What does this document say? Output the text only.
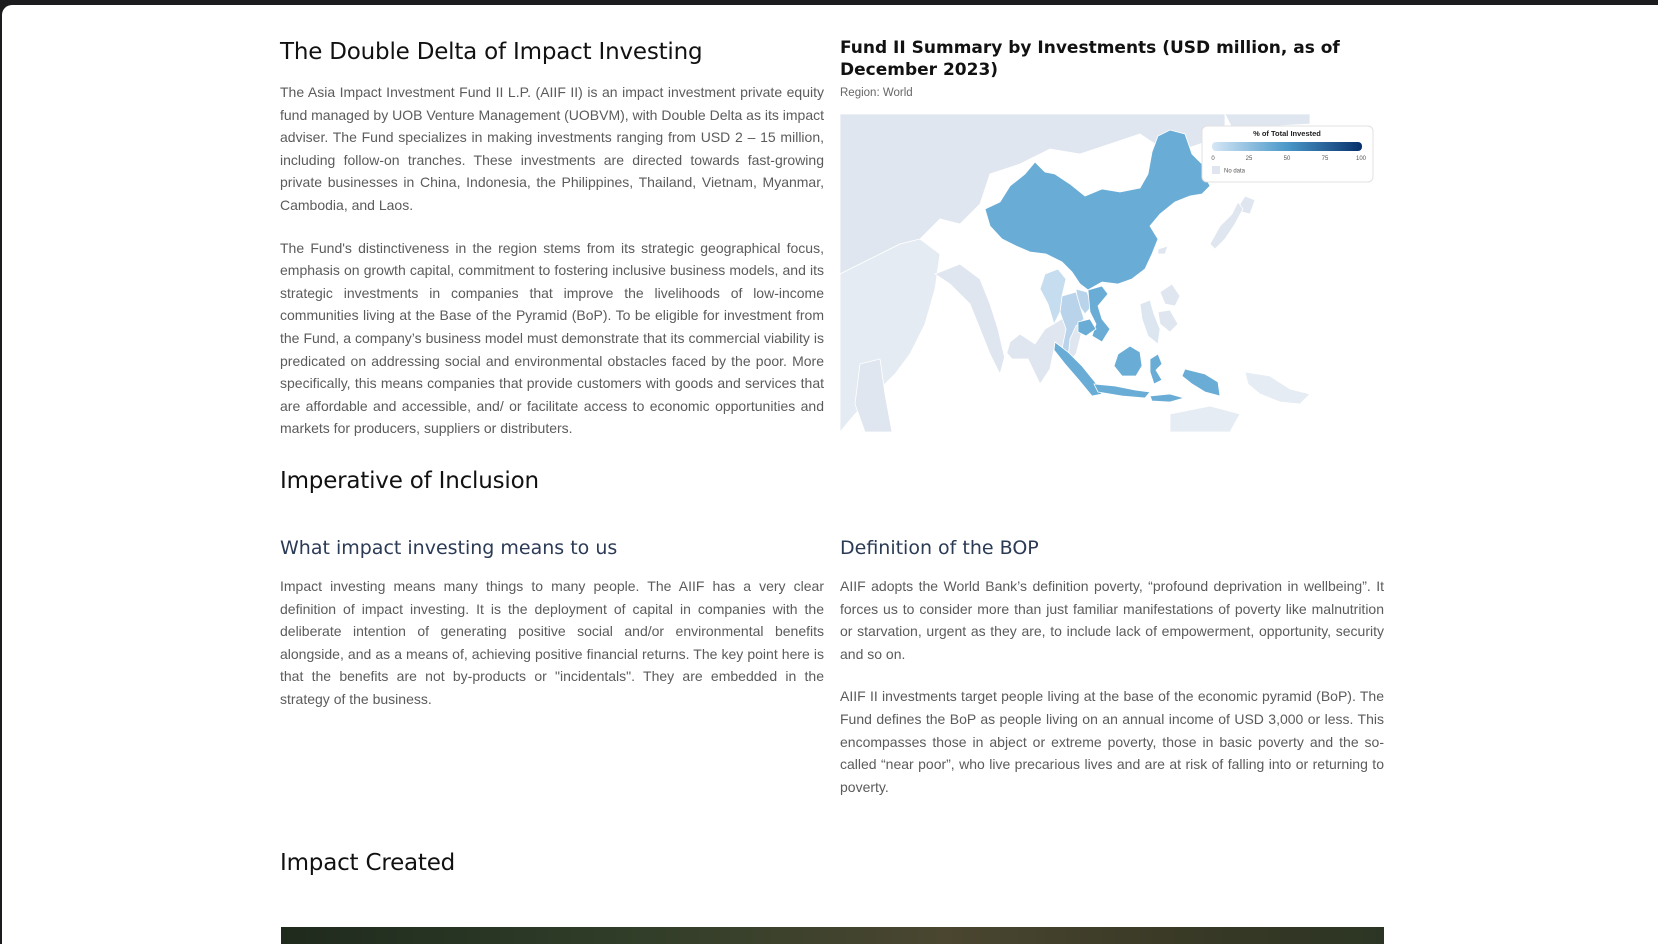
The Double Delta of Impact Investing

The Asia Impact Investment Fund II L.P. (AIIF II) is an impact investment private equity fund managed by UOB Venture Management (UOBVM), with Double Delta as its impact adviser. The Fund specializes in making investments ranging from USD 2 – 15 million, including follow-on tranches. These investments are directed towards fast-growing private businesses in China, Indonesia, the Philippines, Thailand, Vietnam, Myanmar, Cambodia, and Laos.

The Fund's distinctiveness in the region stems from its strategic geographical focus, emphasis on growth capital, commitment to fostering inclusive business models, and its strategic investments in companies that improve the livelihoods of low-income communities living at the Base of the Pyramid (BoP). To be eligible for investment from the Fund, a company’s business model must demonstrate that its commercial viability is predicated on addressing social and environmental obstacles faced by the poor. More specifically, this means companies that provide customers with goods and services that are affordable and accessible, and/ or facilitate access to economic opportunities and markets for producers, suppliers or distributers.

Fund II Summary by Investments (USD million, as of December 2023)
Region: World
% of Total Invested
0	25	50	75	100
No data
Imperative of Inclusion
What impact investing means to us

Impact investing means many things to many people. The AIIF has a very clear definition of impact investing. It is the deployment of capital in companies with the deliberate intention of generating positive social and/or environmental benefits alongside, and as a means of, achieving positive financial returns. The key point here is that the benefits are not by-products or "incidentals". They are embedded in the strategy of the business.

Definition of the BOP

AIIF adopts the World Bank’s definition poverty, “profound deprivation in wellbeing”. It forces us to consider more than just familiar manifestations of poverty like malnutrition or starvation, urgent as they are, to include lack of empowerment, opportunity, security and so on.

AIIF II investments target people living at the base of the economic pyramid (BoP). The Fund defines the BoP as people living on an annual income of USD 3,000 or less. This encompasses those in abject or extreme poverty, those in basic poverty and the so-called “near poor”, who live precarious lives and are at risk of falling into or returning to poverty.

Impact Created
